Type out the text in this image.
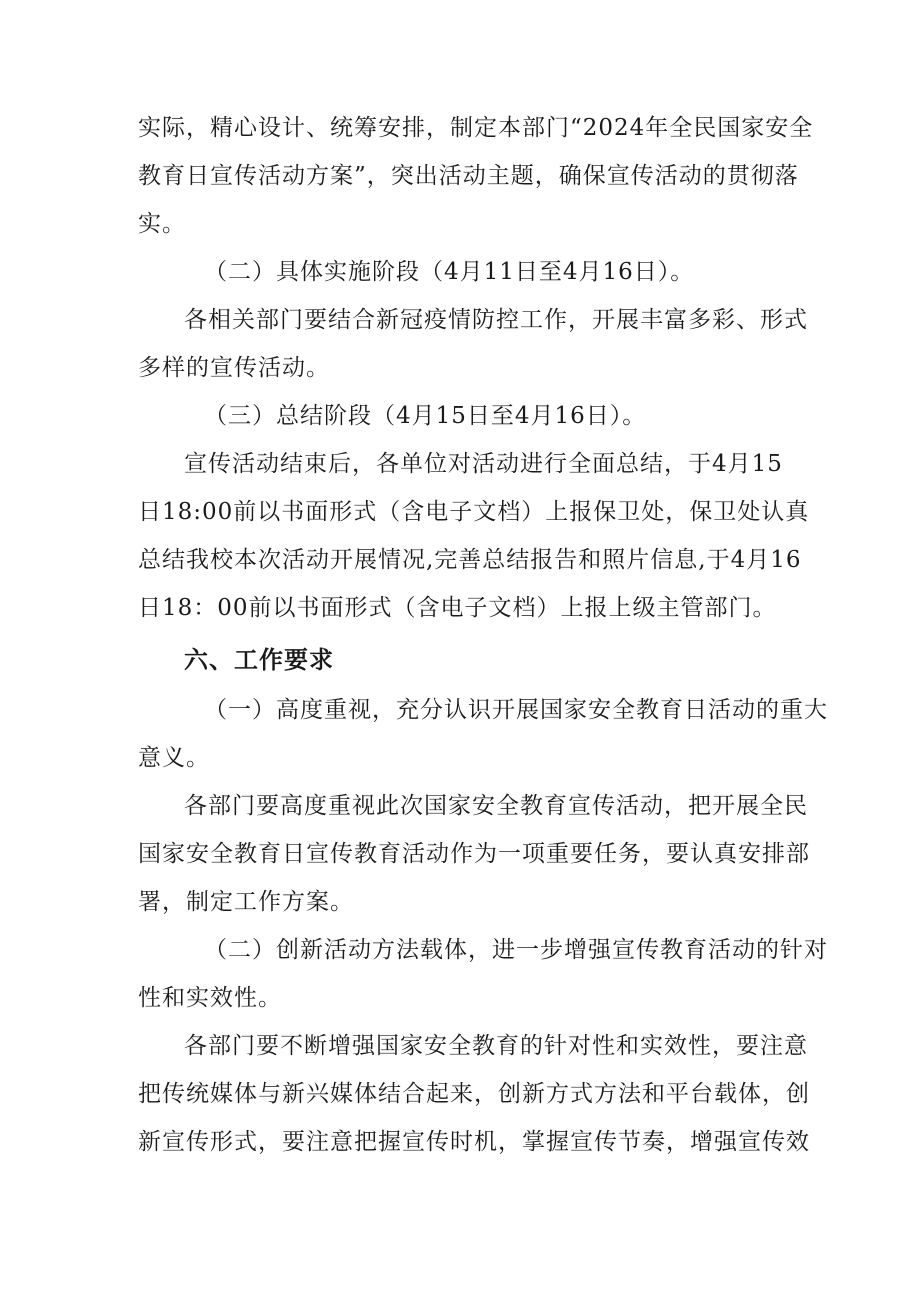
实际，精心设计、统筹安排，制定本部门“2024年全民国家安全
教育日宣传活动方案”，突出活动主题，确保宣传活动的贯彻落
实。
（二）具体实施阶段（4月11日至4月16日）。
各相关部门要结合新冠疫情防控工作，开展丰富多彩、形式
多样的宣传活动。
（三）总结阶段（4月15日至4月16日）。
宣传活动结束后，各单位对活动进行全面总结，于4月15
日18:00前以书面形式（含电子文档）上报保卫处，保卫处认真
总结我校本次活动开展情况,完善总结报告和照片信息,于4月16
日18：00前以书面形式（含电子文档）上报上级主管部门。
六、工作要求
（一）高度重视，充分认识开展国家安全教育日活动的重大
意义。
各部门要高度重视此次国家安全教育宣传活动，把开展全民
国家安全教育日宣传教育活动作为一项重要任务，要认真安排部
署，制定工作方案。
（二）创新活动方法载体，进一步增强宣传教育活动的针对
性和实效性。
各部门要不断增强国家安全教育的针对性和实效性，要注意
把传统媒体与新兴媒体结合起来，创新方式方法和平台载体，创
新宣传形式，要注意把握宣传时机，掌握宣传节奏，增强宣传效
